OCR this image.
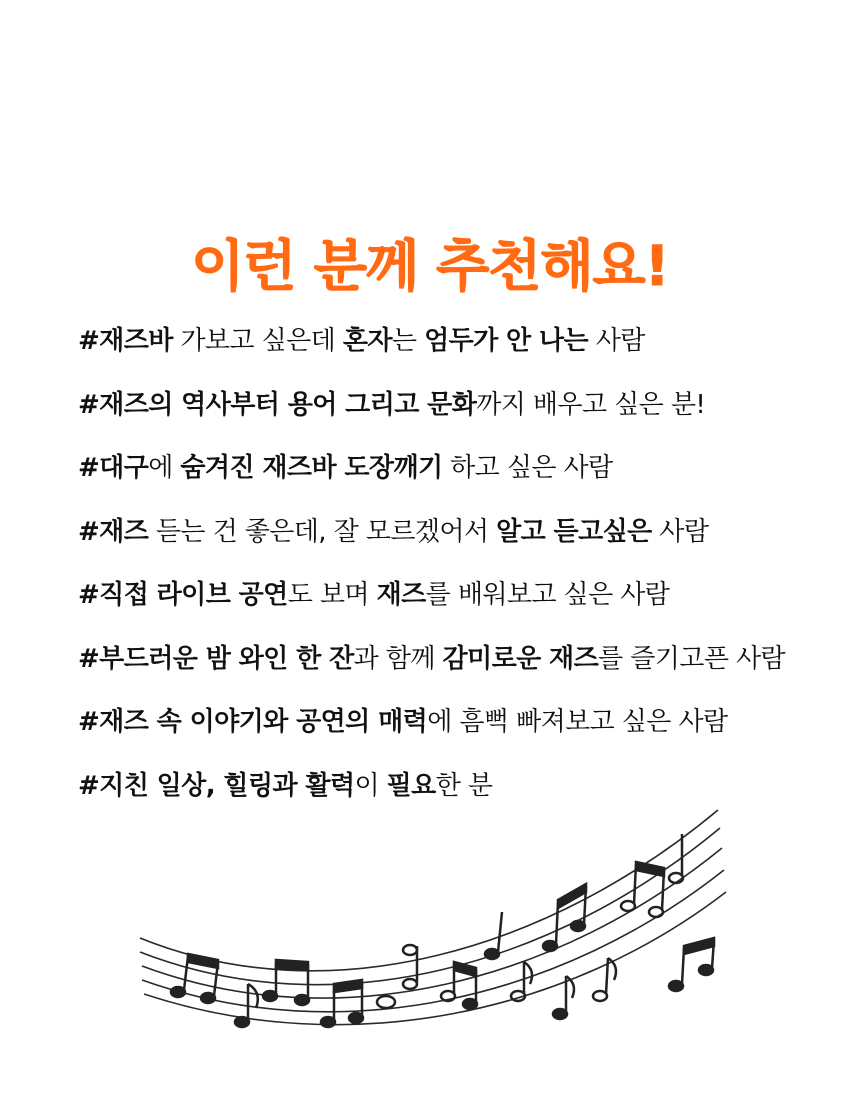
이런 분께 추천해요!
#재즈바 가보고 싶은데 혼자는 엄두가 안 나는 사람
#재즈의 역사부터 용어 그리고 문화까지 배우고 싶은 분!
#대구에 숨겨진 재즈바 도장깨기 하고 싶은 사람
#재즈 듣는 건 좋은데, 잘 모르겠어서 알고 듣고싶은 사람
#직접 라이브 공연도 보며 재즈를 배워보고 싶은 사람
#부드러운 밤 와인 한 잔과 함께 감미로운 재즈를 즐기고픈 사람
#재즈 속 이야기와 공연의 매력에 흠뻑 빠져보고 싶은 사람
#지친 일상, 힐링과 활력이 필요한 분
